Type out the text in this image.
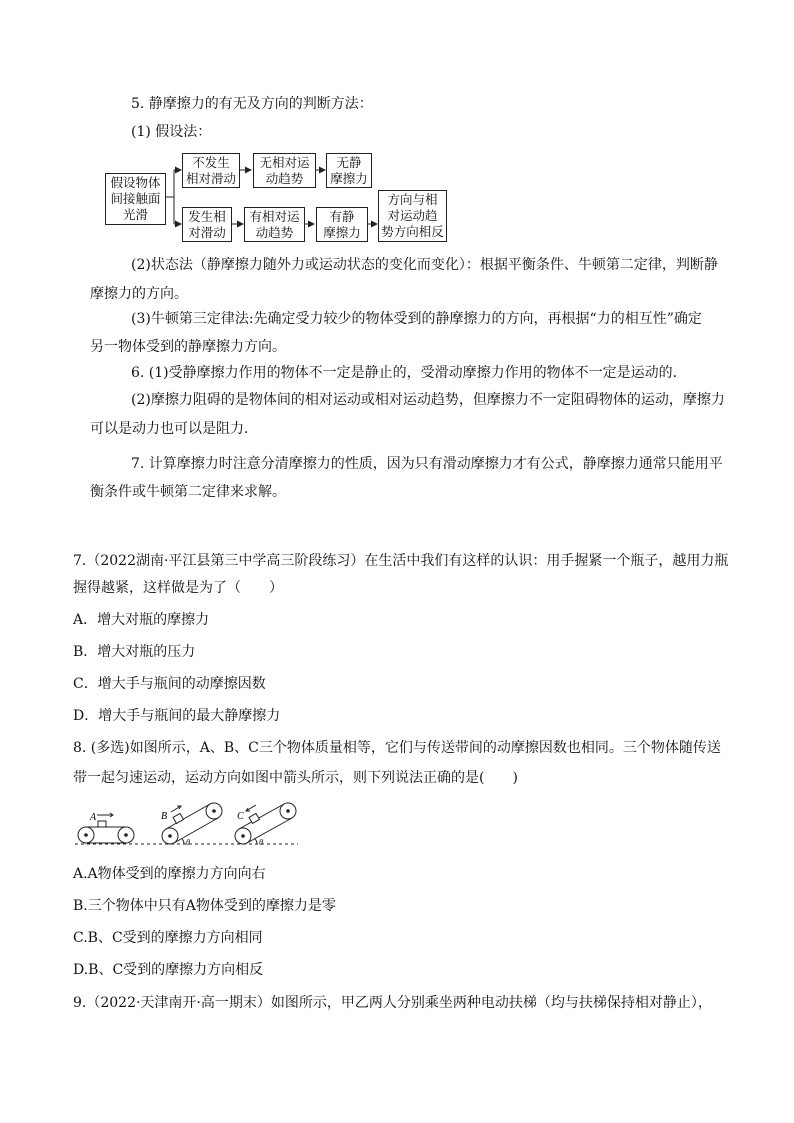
5. 静摩擦力的有无及方向的判断方法：
(1) 假设法：
假设物体
间接触面
光滑
不发生
相对滑动
无相对运
动趋势
无静
摩擦力
发生相
对滑动
有相对运
动趋势
有静
摩擦力
方向与相
对运动趋
势方向相反
(2)状态法（静摩擦力随外力或运动状态的变化而变化）：根据平衡条件、牛顿第二定律，判断静
摩擦力的方向。
(3)牛顿第三定律法:先确定受力较少的物体受到的静摩擦力的方向，再根据“力的相互性”确定
另一物体受到的静摩擦力方向。
6. (1)受静摩擦力作用的物体不一定是静止的，受滑动摩擦力作用的物体不一定是运动的．
(2)摩擦力阻碍的是物体间的相对运动或相对运动趋势，但摩擦力不一定阻碍物体的运动，摩擦力
可以是动力也可以是阻力．
7. 计算摩擦力时注意分清摩擦力的性质，因为只有滑动摩擦力才有公式，静摩擦力通常只能用平
衡条件或牛顿第二定律来求解。
7.（2022湖南·平江县第三中学高三阶段练习）在生活中我们有这样的认识：用手握紧一个瓶子，越用力瓶
握得越紧，这样做是为了（　　）
A．增大对瓶的摩擦力
B．增大对瓶的压力
C．增大手与瓶间的动摩擦因数
D．增大手与瓶间的最大静摩擦力
8. (多选)如图所示，A、B、C三个物体质量相等，它们与传送带间的动摩擦因数也相同。三个物体随传送
带一起匀速运动，运动方向如图中箭头所示，则下列说法正确的是(　　)
A	B	C
θ	θ
A.A物体受到的摩擦力方向向右
B.三个物体中只有A物体受到的摩擦力是零
C.B、C受到的摩擦力方向相同
D.B、C受到的摩擦力方向相反
9.（2022·天津南开·高一期末）如图所示，甲乙两人分别乘坐两种电动扶梯（均与扶梯保持相对静止），
